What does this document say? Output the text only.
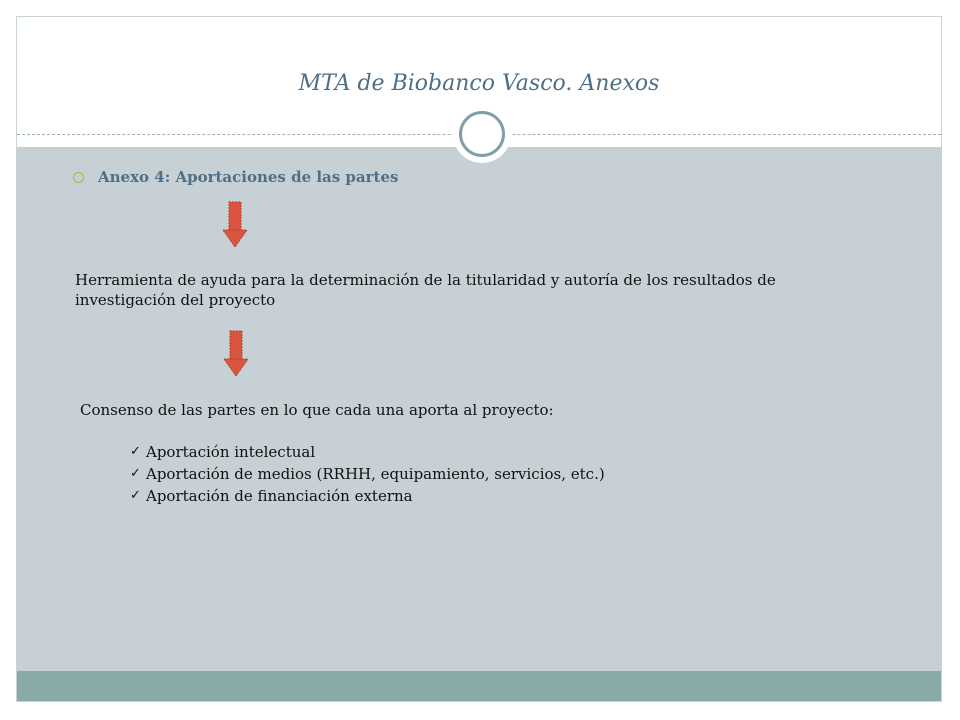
MTA de Biobanco Vasco. Anexos
Anexo 4: Aportaciones de las partes
Herramienta de ayuda para la determinación de la titularidad y autoría de los resultados de investigación del proyecto
Consenso de las partes en lo que cada una aporta al proyecto:
✓ Aportación intelectual
✓ Aportación de medios (RRHH, equipamiento, servicios, etc.)
✓ Aportación de financiación externa
